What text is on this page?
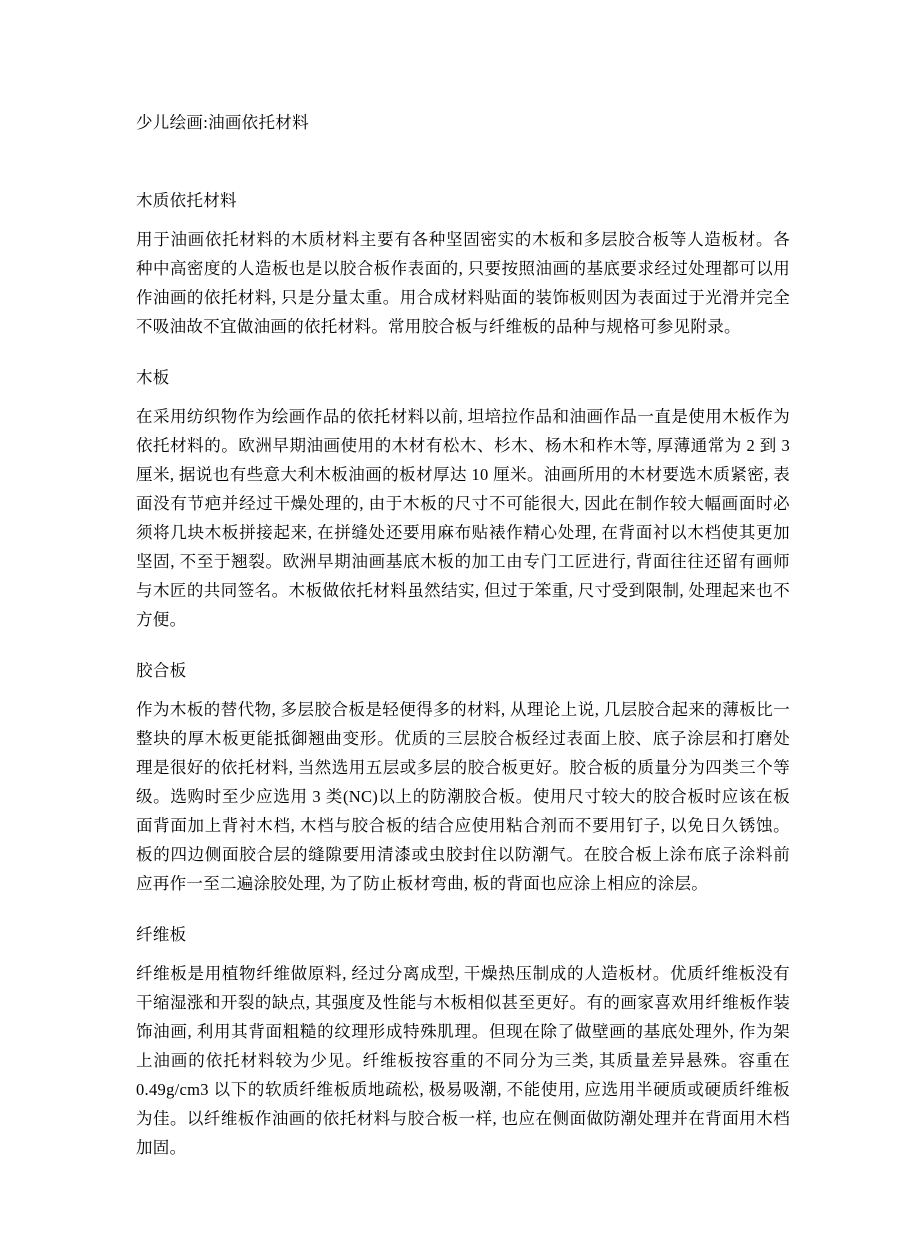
少儿绘画:油画依托材料
木质依托材料

用于油画依托材料的木质材料主要有各种坚固密实的木板和多层胶合板等人造板材。各种中高密度的人造板也是以胶合板作表面的, 只要按照油画的基底要求经过处理都可以用作油画的依托材料, 只是分量太重。用合成材料贴面的装饰板则因为表面过于光滑并完全不吸油故不宜做油画的依托材料。常用胶合板与纤维板的品种与规格可参见附录。

木板

在采用纺织物作为绘画作品的依托材料以前, 坦培拉作品和油画作品一直是使用木板作为依托材料的。欧洲早期油画使用的木材有松木、杉木、杨木和柞木等, 厚薄通常为 2 到 3 厘米, 据说也有些意大利木板油画的板材厚达 10 厘米。油画所用的木材要选木质紧密, 表面没有节疤并经过干燥处理的, 由于木板的尺寸不可能很大, 因此在制作较大幅画面时必须将几块木板拼接起来, 在拼缝处还要用麻布贴裱作精心处理, 在背面衬以木档使其更加坚固, 不至于翘裂。欧洲早期油画基底木板的加工由专门工匠进行, 背面往往还留有画师与木匠的共同签名。木板做依托材料虽然结实, 但过于笨重, 尺寸受到限制, 处理起来也不方便。

胶合板

作为木板的替代物, 多层胶合板是轻便得多的材料, 从理论上说, 几层胶合起来的薄板比一整块的厚木板更能抵御翘曲变形。优质的三层胶合板经过表面上胶、底子涂层和打磨处理是很好的依托材料, 当然选用五层或多层的胶合板更好。胶合板的质量分为四类三个等级。选购时至少应选用 3 类(NC)以上的防潮胶合板。使用尺寸较大的胶合板时应该在板面背面加上背衬木档, 木档与胶合板的结合应使用粘合剂而不要用钉子, 以免日久锈蚀。板的四边侧面胶合层的缝隙要用清漆或虫胶封住以防潮气。在胶合板上涂布底子涂料前应再作一至二遍涂胶处理, 为了防止板材弯曲, 板的背面也应涂上相应的涂层。

纤维板

纤维板是用植物纤维做原料, 经过分离成型, 干燥热压制成的人造板材。优质纤维板没有干缩湿涨和开裂的缺点, 其强度及性能与木板相似甚至更好。有的画家喜欢用纤维板作装饰油画, 利用其背面粗糙的纹理形成特殊肌理。但现在除了做壁画的基底处理外, 作为架上油画的依托材料较为少见。纤维板按容重的不同分为三类, 其质量差异悬殊。容重在 0.49g/cm3 以下的软质纤维板质地疏松, 极易吸潮, 不能使用, 应选用半硬质或硬质纤维板为佳。以纤维板作油画的依托材料与胶合板一样, 也应在侧面做防潮处理并在背面用木档加固。
